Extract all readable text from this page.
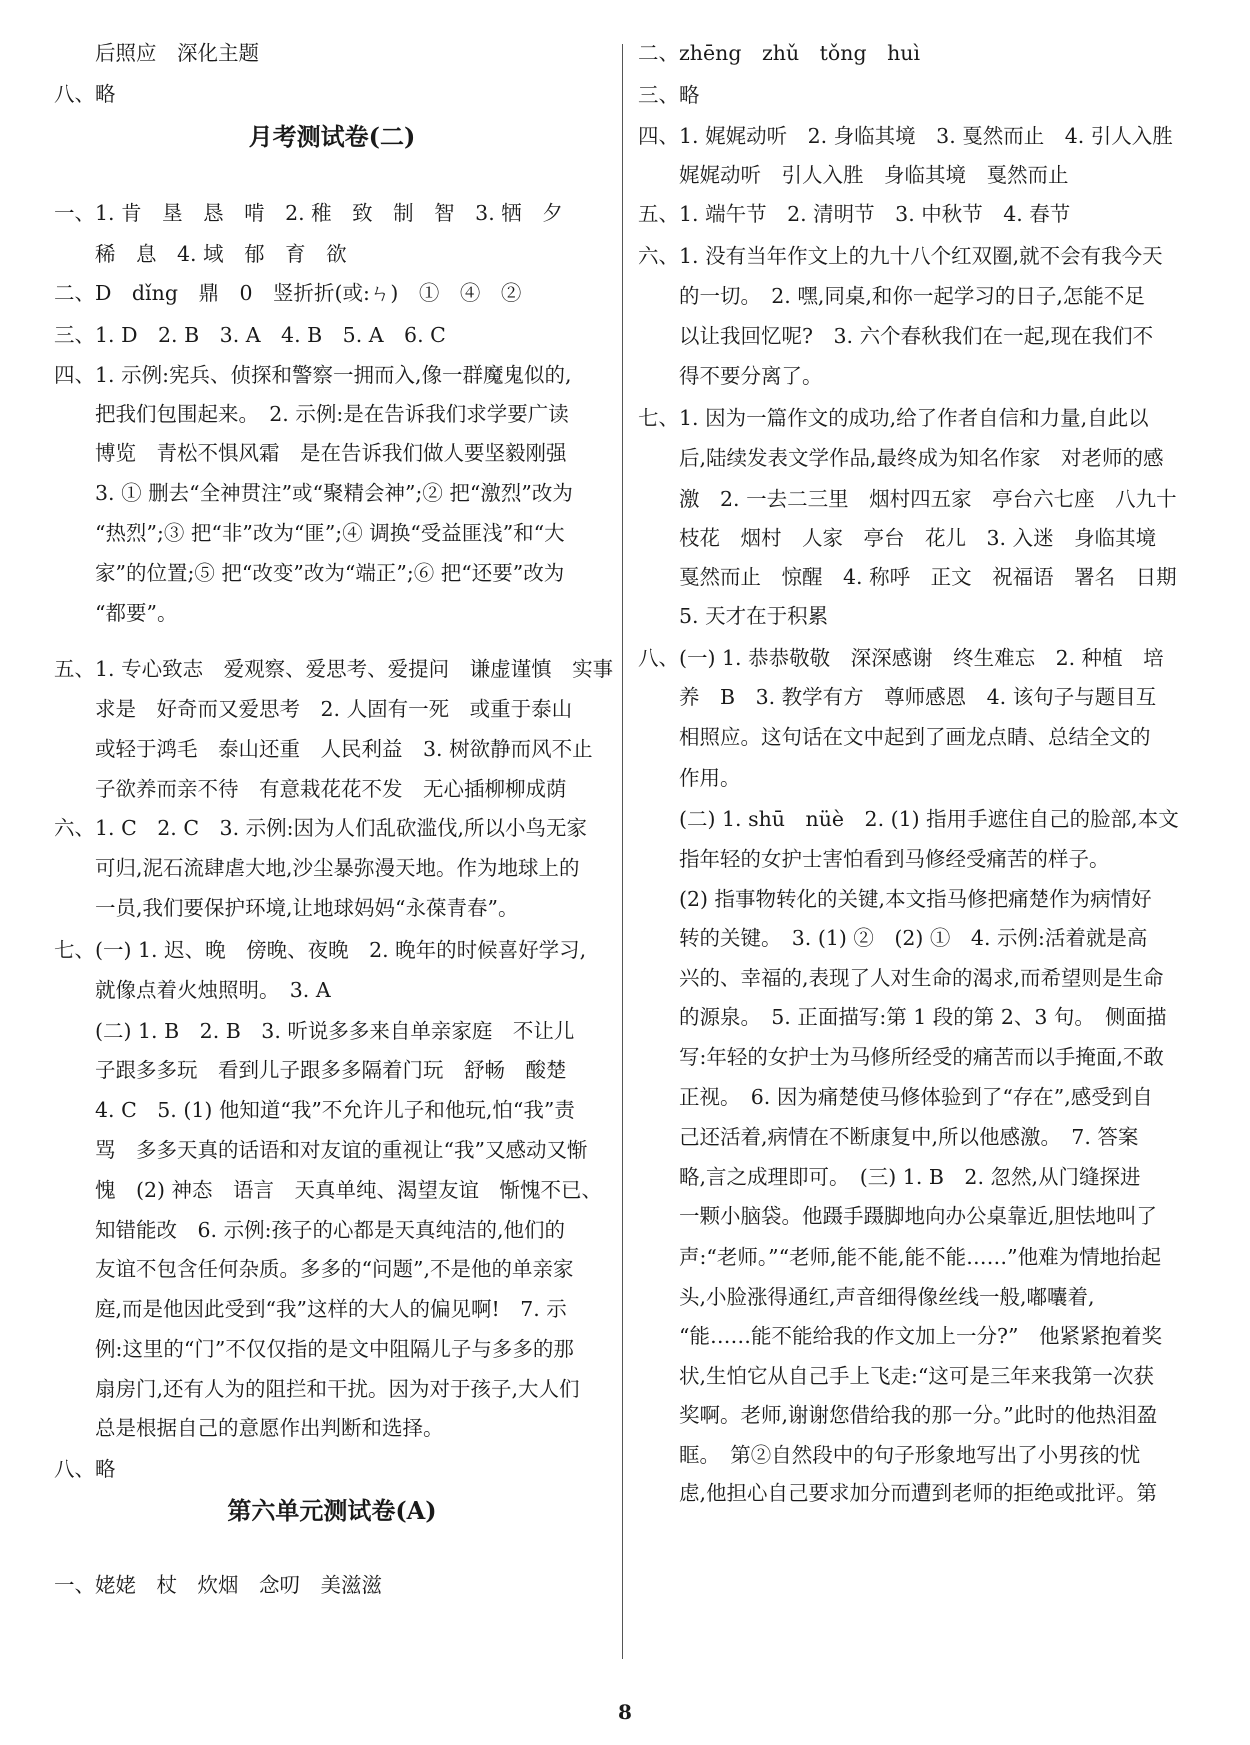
　　后照应　深化主题
八、略
一、1. 肯　垦　恳　啃　2. 稚　致　制　智　3. 牺　夕
　　稀　息　4. 域　郁　育　欲
二、D　dǐng　鼎　0　竖折折(或:ㄣ)　①　④　②
三、1. D　2. B　3. A　4. B　5. A　6. C
四、1. 示例:宪兵、侦探和警察一拥而入,像一群魔鬼似的,
　　把我们包围起来。　2. 示例:是在告诉我们求学要广读
　　博览　青松不惧风霜　是在告诉我们做人要坚毅刚强
　　3. ① 删去“全神贯注”或“聚精会神”;② 把“激烈”改为
　　“热烈”;③ 把“非”改为“匪”;④ 调换“受益匪浅”和“大
　　家”的位置;⑤ 把“改变”改为“端正”;⑥ 把“还要”改为
　　“都要”。
五、1. 专心致志　爱观察、爱思考、爱提问　谦虚谨慎　实事
　　求是　好奇而又爱思考　2. 人固有一死　或重于泰山
　　或轻于鸿毛　泰山还重　人民利益　3. 树欲静而风不止
　　子欲养而亲不待　有意栽花花不发　无心插柳柳成荫
六、1. C　2. C　3. 示例:因为人们乱砍滥伐,所以小鸟无家
　　可归,泥石流肆虐大地,沙尘暴弥漫天地。作为地球上的
　　一员,我们要保护环境,让地球妈妈“永葆青春”。
七、(一) 1. 迟、晚　傍晚、夜晚　2. 晚年的时候喜好学习,
　　就像点着火烛照明。　3. A
　　(二) 1. B　2. B　3. 听说多多来自单亲家庭　不让儿
　　子跟多多玩　看到儿子跟多多隔着门玩　舒畅　酸楚
　　4. C　5. (1) 他知道“我”不允许儿子和他玩,怕“我”责
　　骂　多多天真的话语和对友谊的重视让“我”又感动又惭
　　愧　(2) 神态　语言　天真单纯、渴望友谊　惭愧不已、
　　知错能改　6. 示例:孩子的心都是天真纯洁的,他们的
　　友谊不包含任何杂质。多多的“问题”,不是他的单亲家
　　庭,而是他因此受到“我”这样的大人的偏见啊!　7. 示
　　例:这里的“门”不仅仅指的是文中阻隔儿子与多多的那
　　扇房门,还有人为的阻拦和干扰。因为对于孩子,大人们
　　总是根据自己的意愿作出判断和选择。
八、略
一、姥姥　杖　炊烟　念叨　美滋滋
月考测试卷(二)
第六单元测试卷(A)
二、zhēng　zhǔ　tǒng　huì
三、略
四、1. 娓娓动听　2. 身临其境　3. 戛然而止　4. 引人入胜
　　娓娓动听　引人入胜　身临其境　戛然而止
五、1. 端午节　2. 清明节　3. 中秋节　4. 春节
六、1. 没有当年作文上的九十八个红双圈,就不会有我今天
　　的一切。　2. 嘿,同桌,和你一起学习的日子,怎能不足
　　以让我回忆呢?　3. 六个春秋我们在一起,现在我们不
　　得不要分离了。
七、1. 因为一篇作文的成功,给了作者自信和力量,自此以
　　后,陆续发表文学作品,最终成为知名作家　对老师的感
　　激　2. 一去二三里　烟村四五家　亭台六七座　八九十
　　枝花　烟村　人家　亭台　花儿　3. 入迷　身临其境
　　戛然而止　惊醒　4. 称呼　正文　祝福语　署名　日期
　　5. 天才在于积累
八、(一) 1. 恭恭敬敬　深深感谢　终生难忘　2. 种植　培
　　养　B　3. 教学有方　尊师感恩　4. 该句子与题目互
　　相照应。这句话在文中起到了画龙点睛、总结全文的
　　作用。
　　(二) 1. shū　nüè　2. (1) 指用手遮住自己的脸部,本文
　　指年轻的女护士害怕看到马修经受痛苦的样子。
　　(2) 指事物转化的关键,本文指马修把痛楚作为病情好
　　转的关键。　3. (1) ②　(2) ①　4. 示例:活着就是高
　　兴的、幸福的,表现了人对生命的渴求,而希望则是生命
　　的源泉。　5. 正面描写:第 1 段的第 2、3 句。　侧面描
　　写:年轻的女护士为马修所经受的痛苦而以手掩面,不敢
　　正视。　6. 因为痛楚使马修体验到了“存在”,感受到自
　　己还活着,病情在不断康复中,所以他感激。　7. 答案
　　略,言之成理即可。　(三) 1. B　2. 忽然,从门缝探进
　　一颗小脑袋。他蹑手蹑脚地向办公桌靠近,胆怯地叫了
　　声:“老师。”“老师,能不能,能不能……”他难为情地抬起
　　头,小脸涨得通红,声音细得像丝线一般,嘟囔着,
　　“能……能不能给我的作文加上一分?”　他紧紧抱着奖
　　状,生怕它从自己手上飞走:“这可是三年来我第一次获
　　奖啊。老师,谢谢您借给我的那一分。”此时的他热泪盈
　　眶。　第②自然段中的句子形象地写出了小男孩的忧
　　虑,他担心自己要求加分而遭到老师的拒绝或批评。第
8
